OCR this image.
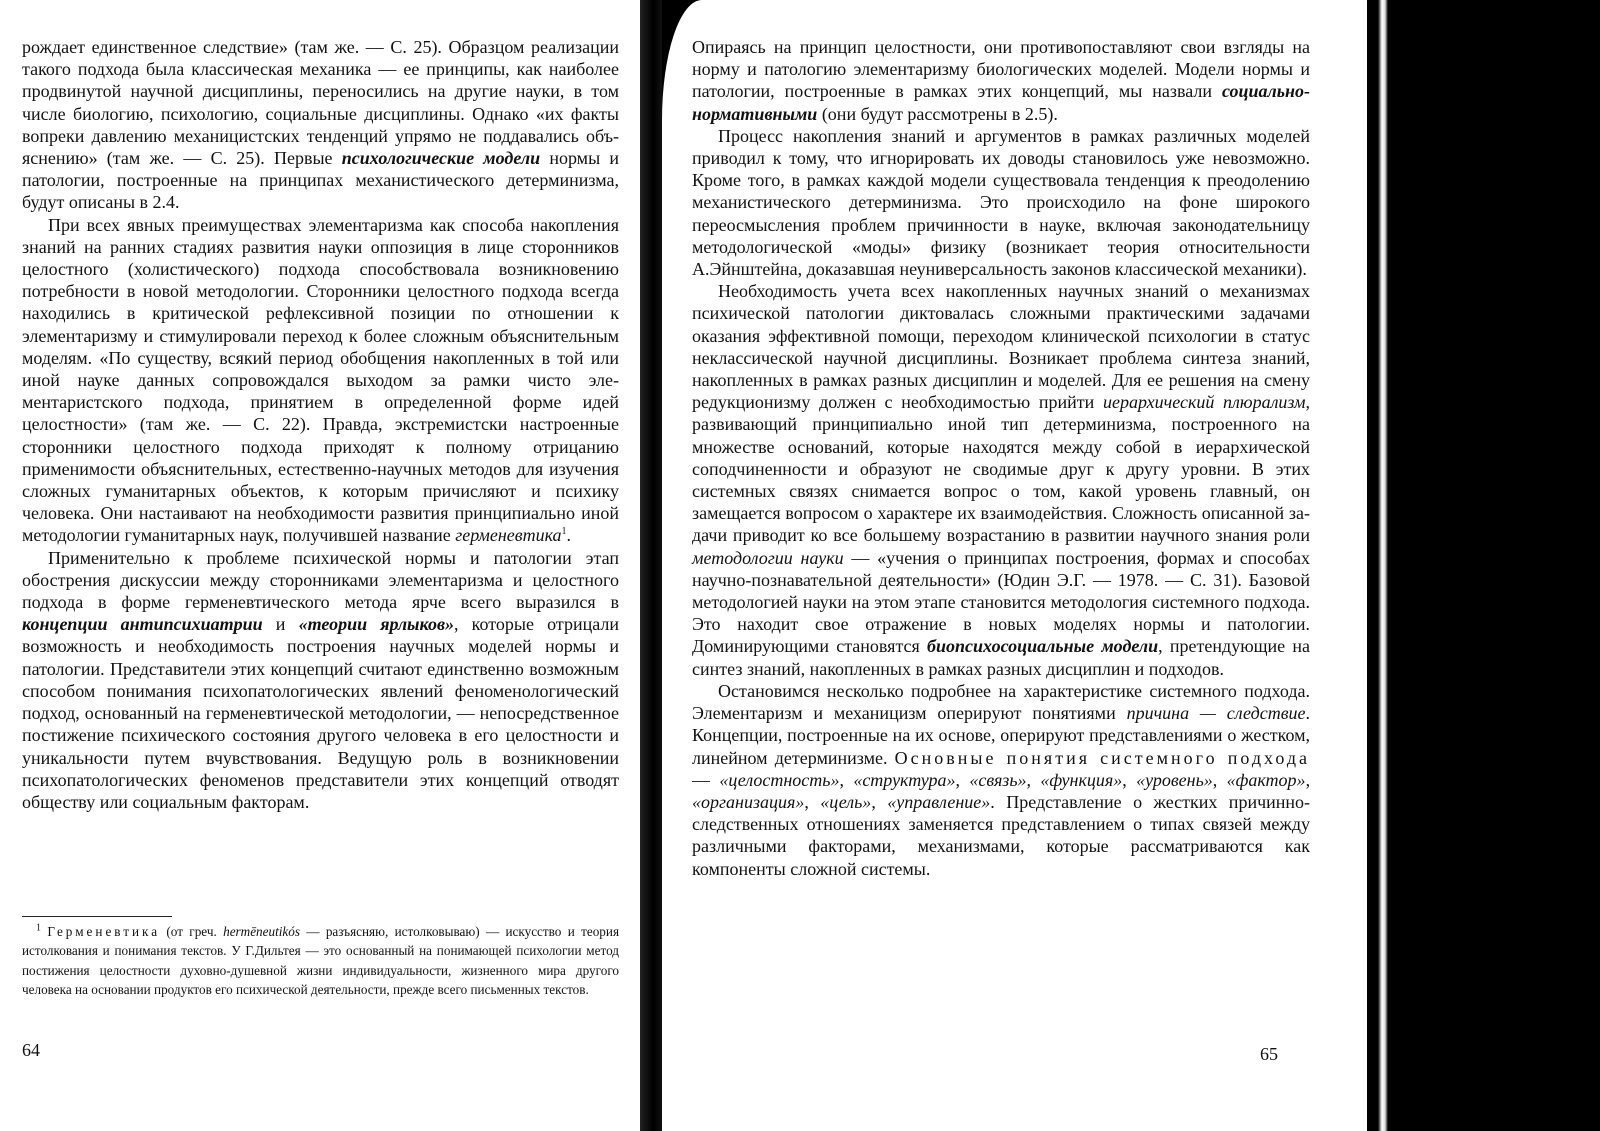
рождает единственное следствие» (там же. — С. 25). Образцом реализации такого подхода была классическая механика — ее принципы, как наиболее продвинутой научной дисциплины, переносились на другие науки, в том числе биологию, психологию, социальные дисциплины. Однако «их факты вопреки давлению механицистских тенденций упрямо не поддавались объяснению» (там же. — С. 25). Первые психологические модели нормы и патологии, построенные на принципах механистического детерминизма, будут описаны в 2.4.

При всех явных преимуществах элементаризма как способа накопления знаний на ранних стадиях развития науки оппозиция в лице сторонников целостного (холистического) подхода способствовала возникновению потребности в новой методологии. Сторонники целостного подхода всегда находились в критической рефлексивной позиции по отношении к элементаризму и стимулировали переход к более сложным объяснительным моделям. «По существу, всякий период обобщения накопленных в той или иной науке данных сопровождался выходом за рамки чисто элементаристского подхода, принятием в определенной форме идей целостности» (там же. — С. 22). Правда, экстремистски настроенные сторонники целостного подхода приходят к полному отрицанию применимости объяснительных, естественно-научных методов для изучения сложных гуманитарных объектов, к которым причисляют и психику человека. Они настаивают на необходимости развития принципиально иной методологии гуманитарных наук, получившей название герменевтика$^1$.

Применительно к проблеме психической нормы и патологии этап обострения дискуссии между сторонниками элементаризма и целостного подхода в форме герменевтического метода ярче всего выразился в концепции антипсихиатрии и «теории ярлыков», которые отрицали возможность и необходимость построения научных моделей нормы и патологии. Представители этих концепций считают единственно возможным способом понимания психопатологических явлений феноменологический подход, основанный на герменевтической методологии, — непосредственное постижение психического состояния другого человека в его целостности и уникальности путем вчувствования. Ведущую роль в возникновении психопатологических феноменов представители этих концепций отводят обществу или социальным факторам.

$^1$ Герменевтика (от греч. hermēneutikós — разъясняю, истолковываю) — искусство и теория истолкования и понимания текстов. У Г.Дильтея — это основанный на понимающей психологии метод постижения целостности духовно-душевной жизни индивидуальности, жизненного мира другого человека на основании продуктов его психической деятельности, прежде всего письменных текстов.

64

Опираясь на принцип целостности, они противопоставляют свои взгляды на норму и патологию элементаризму биологических моделей. Модели нормы и патологии, построенные в рамках этих концепций, мы назвали социально-нормативными (они будут рассмотрены в 2.5).

Процесс накопления знаний и аргументов в рамках различных моделей приводил к тому, что игнорировать их доводы становилось уже невозможно. Кроме того, в рамках каждой модели существовала тенденция к преодолению механистического детерминизма. Это происходило на фоне широкого переосмысления проблем причинности в науке, включая законодательницу методологической «моды» физику (возникает теория относительности А.Эйнштейна, доказавшая неуниверсальность законов классической механики).

Необходимость учета всех накопленных научных знаний о механизмах психической патологии диктовалась сложными практическими задачами оказания эффективной помощи, переходом клинической психологии в статус неклассической научной дисциплины. Возникает проблема синтеза знаний, накопленных в рамках разных дисциплин и моделей. Для ее решения на смену редукционизму должен с необходимостью прийти иерархический плюрализм, развивающий принципиально иной тип детерминизма, построенного на множестве оснований, которые находятся между собой в иерархической соподчиненности и образуют не сводимые друг к другу уровни. В этих системных связях снимается вопрос о том, какой уровень главный, он замещается вопросом о характере их взаимодействия. Сложность описанной задачи приводит ко все большему возрастанию в развитии научного знания роли методологии науки — «учения о принципах построения, формах и способах научно-познавательной деятельности» (Юдин Э.Г. — 1978. — С. 31). Базовой методологией науки на этом этапе становится методология системного подхода. Это находит свое отражение в новых моделях нормы и патологии. Доминирующими становятся биопсихосоциальные модели, претендующие на синтез знаний, накопленных в рамках разных дисциплин и подходов.

Остановимся несколько подробнее на характеристике системного подхода. Элементаризм и механицизм оперируют понятиями причина — следствие. Концепции, построенные на их основе, оперируют представлениями о жестком, линейном детерминизме. Основные понятия системного подхода — «целостность», «структура», «связь», «функция», «уровень», «фактор», «организация», «цель», «управление». Представление о жестких причинно-следственных отношениях заменяется представлением о типах связей между различными факторами, механизмами, которые рассматриваются как компоненты сложной системы.

65
